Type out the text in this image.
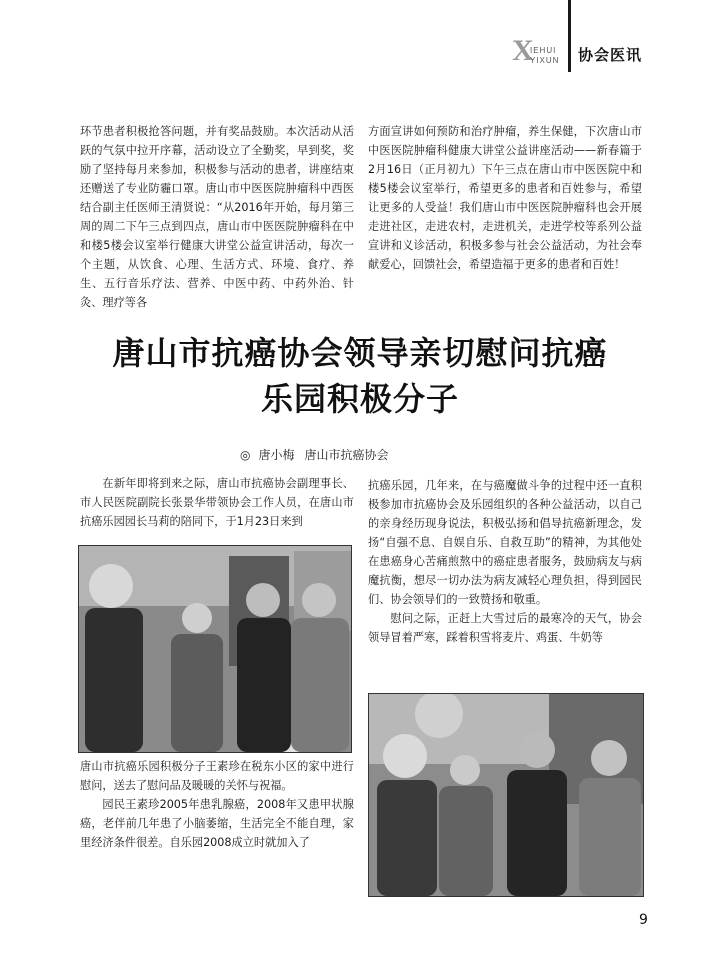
X
IEHUI
YIXUN 协会医讯

环节患者积极抢答问题，并有奖品鼓励。本次活动从活跃的气氛中拉开序幕，活动设立了全勤奖，早到奖，奖励了坚持每月来参加，积极参与活动的患者，讲座结束还赠送了专业防霾口罩。唐山市中医医院肿瘤科中西医结合副主任医师王清贤说：“从2016年开始，每月第三周的周二下午三点到四点，唐山市中医医院肿瘤科在中和楼5楼会议室举行健康大讲堂公益宣讲活动，每次一个主题，从饮食、心理、生活方式、环境、食疗、养生、五行音乐疗法、营养、中医中药、中药外治、针灸、理疗等各

方面宣讲如何预防和治疗肿瘤，养生保健，下次唐山市中医医院肿瘤科健康大讲堂公益讲座活动——新春篇于2月16日（正月初九）下午三点在唐山市中医医院中和楼5楼会议室举行，希望更多的患者和百姓参与，希望让更多的人受益！我们唐山市中医医院肿瘤科也会开展走进社区，走进农村，走进机关，走进学校等系列公益宣讲和义诊活动，积极多参与社会公益活动，为社会奉献爱心，回馈社会，希望造福于更多的患者和百姓！

唐山市抗癌协会领导亲切慰问抗癌
乐园积极分子
◎ 唐小梅 唐山市抗癌协会

在新年即将到来之际，唐山市抗癌协会副理事长、市人民医院副院长张景华带领协会工作人员，在唐山市抗癌乐园园长马莉的陪同下，于1月23日来到

唐山市抗癌乐园积极分子王素珍在税东小区的家中进行慰问，送去了慰问品及暖暖的关怀与祝福。

园民王素珍2005年患乳腺癌，2008年又患甲状腺癌，老伴前几年患了小脑萎缩，生活完全不能自理，家里经济条件很差。自乐园2008成立时就加入了

抗癌乐园，几年来，在与癌魔做斗争的过程中还一直积极参加市抗癌协会及乐园组织的各种公益活动，以自己的亲身经历现身说法，积极弘扬和倡导抗癌新理念，发扬“自强不息、自娱自乐、自救互助”的精神，为其他处在患癌身心苦痛煎熬中的癌症患者服务，鼓励病友与病魔抗衡，想尽一切办法为病友减轻心理负担，得到园民们、协会领导们的一致赞扬和敬重。

慰问之际，正赶上大雪过后的最寒冷的天气，协会领导冒着严寒，踩着积雪将麦片、鸡蛋、牛奶等

9
